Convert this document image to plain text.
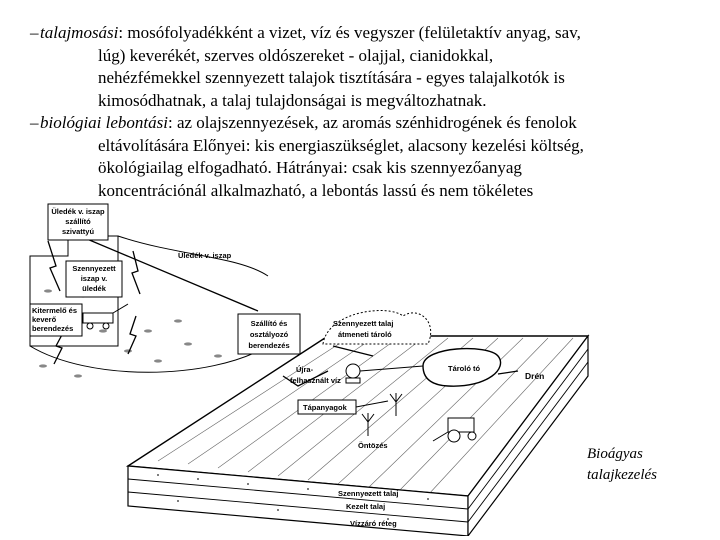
–talajmosási: mosófolyadékként a vizet, víz és vegyszer (felületaktív anyag, sav,
lúg) keverékét, szerves oldószereket - olajjal, cianidokkal,
nehézfémekkel szennyezett talajok tisztítására - egyes talajalkotók is
kimosódhatnak, a talaj tulajdonságai is megváltozhatnak.

–biológiai lebontási: az olajszennyezések, az aromás szénhidrogének és fenolok
eltávolítására Előnyei: kis energiaszükséglet, alacsony kezelési költség,
ökológiailag elfogadható. Hátrányai: csak kis szennyezőanyag
koncentrációnál alkalmazható, a lebontás lassú és nem tökéletes

Üledék v. iszap
szállító
szivattyú
Szennyezett
iszap v.
üledék
Kitermelő és
keverő
berendezés
Szállító és
osztályozó
berendezés
Üledék v. iszap
Szennyezett talaj
átmeneti tároló
Tároló tó
Drén
Újra-
felhasznált víz
Tápanyagok
Öntözés
Szennyezett talaj
Kezelt talaj
Vízzáró réteg
Bioágyas
talajkezelés
